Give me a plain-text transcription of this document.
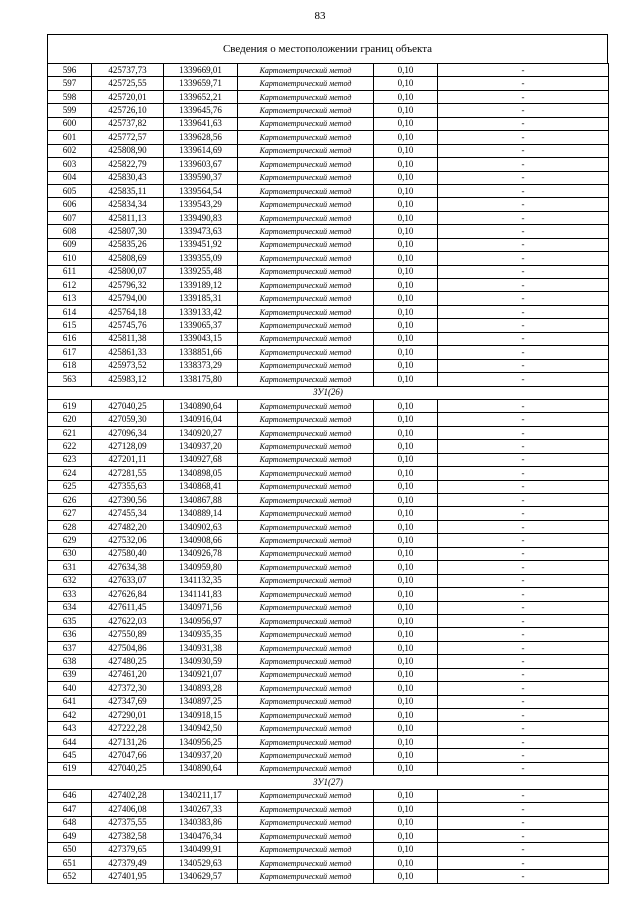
83
Сведения о местоположении границ объекта
596	425737,73	1339669,01	Картометрический метод	0,10	-
597	425725,55	1339659,71	Картометрический метод	0,10	-
598	425720,01	1339652,21	Картометрический метод	0,10	-
599	425726,10	1339645,76	Картометрический метод	0,10	-
600	425737,82	1339641,63	Картометрический метод	0,10	-
601	425772,57	1339628,56	Картометрический метод	0,10	-
602	425808,90	1339614,69	Картометрический метод	0,10	-
603	425822,79	1339603,67	Картометрический метод	0,10	-
604	425830,43	1339590,37	Картометрический метод	0,10	-
605	425835,11	1339564,54	Картометрический метод	0,10	-
606	425834,34	1339543,29	Картометрический метод	0,10	-
607	425811,13	1339490,83	Картометрический метод	0,10	-
608	425807,30	1339473,63	Картометрический метод	0,10	-
609	425835,26	1339451,92	Картометрический метод	0,10	-
610	425808,69	1339355,09	Картометрический метод	0,10	-
611	425800,07	1339255,48	Картометрический метод	0,10	-
612	425796,32	1339189,12	Картометрический метод	0,10	-
613	425794,00	1339185,31	Картометрический метод	0,10	-
614	425764,18	1339133,42	Картометрический метод	0,10	-
615	425745,76	1339065,37	Картометрический метод	0,10	-
616	425811,38	1339043,15	Картометрический метод	0,10	-
617	425861,33	1338851,66	Картометрический метод	0,10	-
618	425973,52	1338373,29	Картометрический метод	0,10	-
563	425983,12	1338175,80	Картометрический метод	0,10	-
ЗУ1(26)					
619	427040,25	1340890,64	Картометрический метод	0,10	-
620	427059,30	1340916,04	Картометрический метод	0,10	-
621	427096,34	1340920,27	Картометрический метод	0,10	-
622	427128,09	1340937,20	Картометрический метод	0,10	-
623	427201,11	1340927,68	Картометрический метод	0,10	-
624	427281,55	1340898,05	Картометрический метод	0,10	-
625	427355,63	1340868,41	Картометрический метод	0,10	-
626	427390,56	1340867,88	Картометрический метод	0,10	-
627	427455,34	1340889,14	Картометрический метод	0,10	-
628	427482,20	1340902,63	Картометрический метод	0,10	-
629	427532,06	1340908,66	Картометрический метод	0,10	-
630	427580,40	1340926,78	Картометрический метод	0,10	-
631	427634,38	1340959,80	Картометрический метод	0,10	-
632	427633,07	1341132,35	Картометрический метод	0,10	-
633	427626,84	1341141,83	Картометрический метод	0,10	-
634	427611,45	1340971,56	Картометрический метод	0,10	-
635	427622,03	1340956,97	Картометрический метод	0,10	-
636	427550,89	1340935,35	Картометрический метод	0,10	-
637	427504,86	1340931,38	Картометрический метод	0,10	-
638	427480,25	1340930,59	Картометрический метод	0,10	-
639	427461,20	1340921,07	Картометрический метод	0,10	-
640	427372,30	1340893,28	Картометрический метод	0,10	-
641	427347,69	1340897,25	Картометрический метод	0,10	-
642	427290,01	1340918,15	Картометрический метод	0,10	-
643	427222,28	1340942,50	Картометрический метод	0,10	-
644	427131,26	1340956,25	Картометрический метод	0,10	-
645	427047,66	1340937,20	Картометрический метод	0,10	-
619	427040,25	1340890,64	Картометрический метод	0,10	-
ЗУ1(27)					
646	427402,28	1340211,17	Картометрический метод	0,10	-
647	427406,08	1340267,33	Картометрический метод	0,10	-
648	427375,55	1340383,86	Картометрический метод	0,10	-
649	427382,58	1340476,34	Картометрический метод	0,10	-
650	427379,65	1340499,91	Картометрический метод	0,10	-
651	427379,49	1340529,63	Картометрический метод	0,10	-
652	427401,95	1340629,57	Картометрический метод	0,10	-
